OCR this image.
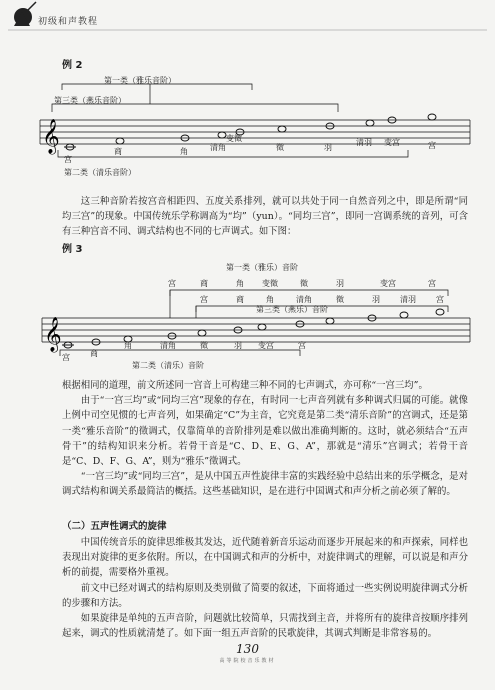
𝄞
𝄞
初级和声教程
例 2
第一类（雅乐音阶）
第三类（燕乐音阶）
第二类（清乐音阶）
宫
商	角	清角
变徵
徵	羽
清羽 变宫	宫

这三种音阶若按宫音相距四、五度关系排列，就可以共处于同一自然音列之中，即是所谓“同均三宫”的现象。中国传统乐学称调高为“均”（yun）。“同均三宫”，即同一宫调系统的音列，可含有三种宫音不同、调式结构也不同的七声调式。如下图：

例 3
第一类（雅乐）音阶
第三类（燕乐）音阶
第二类（清乐）音阶
宫	商	角 变徵	徵	羽	变宫	宫
宫	商	角	清角	徵	羽	清羽	宫
宫	商
角	清角	徵	羽 变宫	宫

根据相同的道理，前文所述同一宫音上可构建三种不同的七声调式，亦可称“一宫三均”。

由于“一宫三均”或“同均三宫”现象的存在，有时同一七声音列就有多种调式归属的可能。就像上例中司空见惯的七声音列，如果确定“C”为主音，它究竟是第二类“清乐音阶”的宫调式，还是第一类“雅乐音阶”的徵调式，仅靠简单的音阶排列是难以做出准确判断的。这时，就必须结合“五声骨干”的结构知识来分析。若骨干音是“C、D、E、G、A”，那就是“清乐”宫调式；若骨干音是“C、D、F、G、A”，则为“雅乐”徵调式。

“一宫三均”或“同均三宫”，是从中国五声性旋律丰富的实践经验中总结出来的乐学概念，是对调式结构和调关系最简洁的概括。这些基础知识，是在进行中国调式和声分析之前必须了解的。

（二）五声性调式的旋律

中国传统音乐的旋律思维极其发达，近代随着新音乐运动而逐步开展起来的和声探索，同样也表现出对旋律的更多依附。所以，在中国调式和声的分析中，对旋律调式的理解，可以说是和声分析的前提，需要格外重视。

前文中已经对调式的结构原则及类别做了简要的叙述，下面将通过一些实例说明旋律调式分析的步骤和方法。

如果旋律是单纯的五声音阶，问题就比较简单，只需找到主音，并将所有的旋律音按顺序排列起来，调式的性质就清楚了。如下面一组五声音阶的民歌旋律，其调式判断是非常容易的。

130
高等院校音乐教材
